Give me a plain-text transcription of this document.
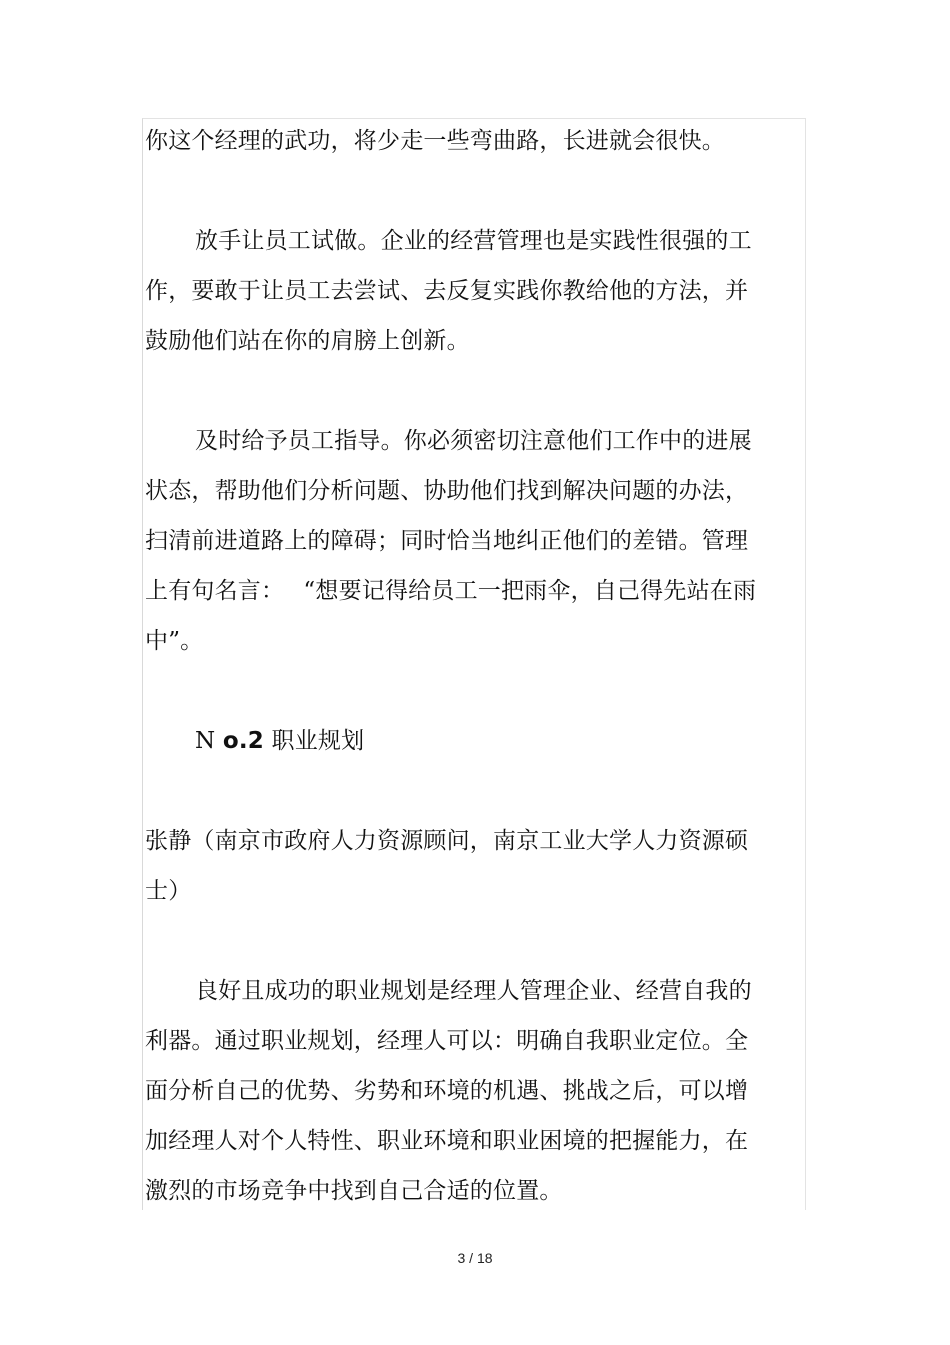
你这个经理的武功，将少走一些弯曲路，长进就会很快。

放手让员工试做。企业的经营管理也是实践性很强的工

作，要敢于让员工去尝试、去反复实践你教给他的方法，并

鼓励他们站在你的肩膀上创新。

及时给予员工指导。你必须密切注意他们工作中的进展

状态，帮助他们分析问题、协助他们找到解决问题的办法，

扫清前进道路上的障碍；同时恰当地纠正他们的差错。管理

上有句名言：　 “想要记得给员工一把雨伞，自己得先站在雨

中”。

N o.2 职业规划

张静（南京市政府人力资源顾问，南京工业大学人力资源硕

士）

良好且成功的职业规划是经理人管理企业、经营自我的

利器。通过职业规划，经理人可以：明确自我职业定位。全

面分析自己的优势、劣势和环境的机遇、挑战之后，可以增

加经理人对个人特性、职业环境和职业困境的把握能力，在

激烈的市场竞争中找到自己合适的位置。

3 / 18
